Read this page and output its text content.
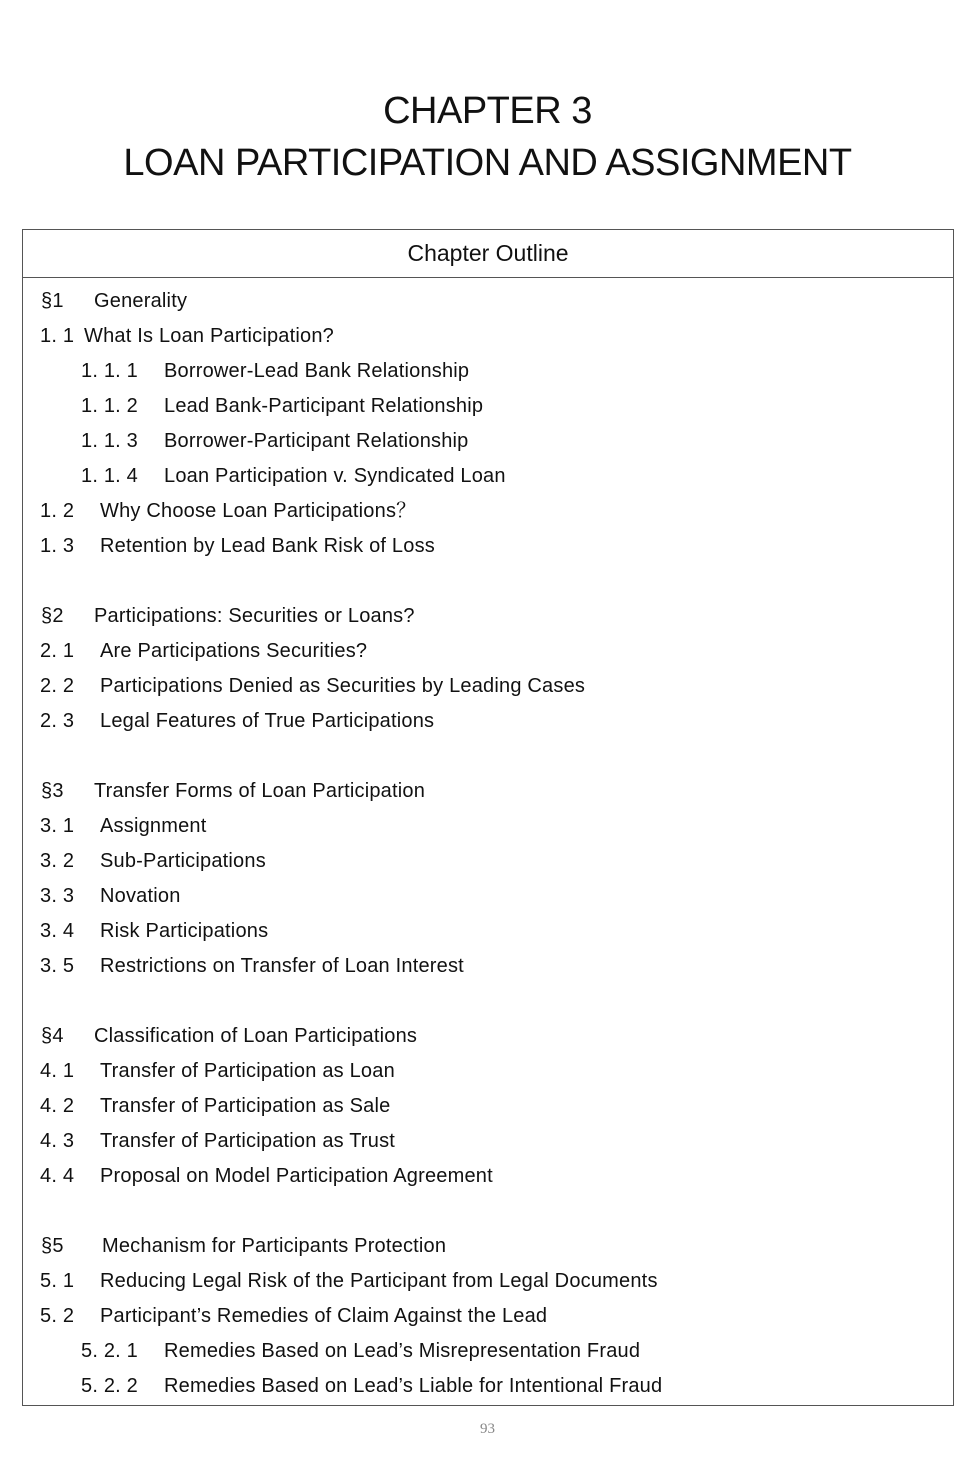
CHAPTER 3
LOAN PARTICIPATION AND ASSIGNMENT
Chapter Outline
§1 Generality
1. 1 What Is Loan Participation?
1. 1. 1 Borrower-Lead Bank Relationship
1. 1. 2 Lead Bank-Participant Relationship
1. 1. 3 Borrower-Participant Relationship
1. 1. 4 Loan Participation v. Syndicated Loan
1. 2 Why Choose Loan Participations？
1. 3 Retention by Lead Bank Risk of Loss
§2 Participations: Securities or Loans?
2. 1 Are Participations Securities?
2. 2 Participations Denied as Securities by Leading Cases
2. 3 Legal Features of True Participations
§3 Transfer Forms of Loan Participation
3. 1 Assignment
3. 2 Sub-Participations
3. 3 Novation
3. 4 Risk Participations
3. 5 Restrictions on Transfer of Loan Interest
§4 Classification of Loan Participations
4. 1 Transfer of Participation as Loan
4. 2 Transfer of Participation as Sale
4. 3 Transfer of Participation as Trust
4. 4 Proposal on Model Participation Agreement
§5 Mechanism for Participants Protection
5. 1 Reducing Legal Risk of the Participant from Legal Documents
5. 2 Participant’s Remedies of Claim Against the Lead
5. 2. 1 Remedies Based on Lead’s Misrepresentation Fraud
5. 2. 2 Remedies Based on Lead’s Liable for Intentional Fraud
93
